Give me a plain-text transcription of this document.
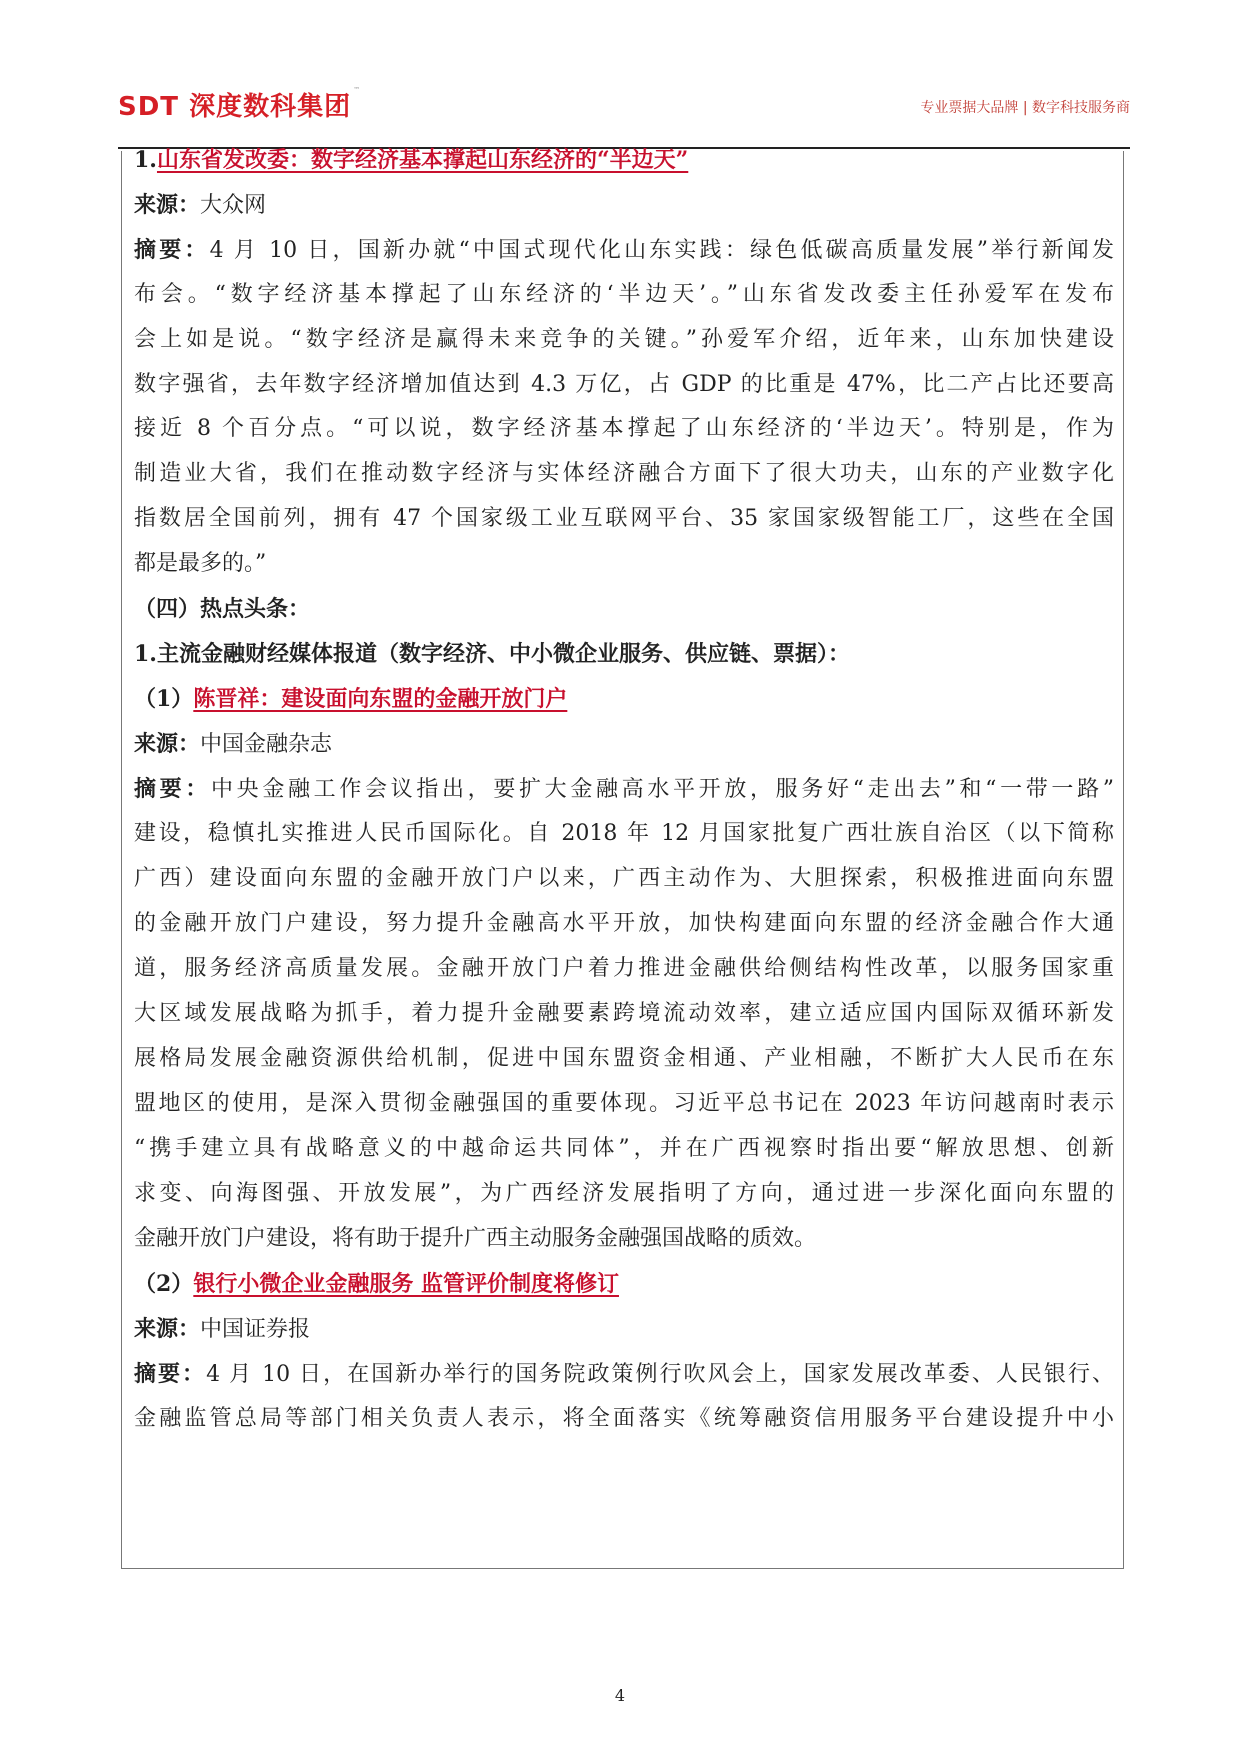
SDT 深度数科集团™
专业票据大品牌 | 数字科技服务商
1.山东省发改委：数字经济基本撑起山东经济的“半边天”
来源：大众网
摘要：4 月 10 日，国新办就“中国式现代化山东实践：绿色低碳高质量发展”举行新闻发
布会。“数字经济基本撑起了山东经济的‘半边天’。”山东省发改委主任孙爱军在发布
会上如是说。“数字经济是赢得未来竞争的关键。”孙爱军介绍，近年来，山东加快建设
数字强省，去年数字经济增加值达到 4.3 万亿，占 GDP 的比重是 47%，比二产占比还要高
接近 8 个百分点。“可以说，数字经济基本撑起了山东经济的‘半边天’。特别是，作为
制造业大省，我们在推动数字经济与实体经济融合方面下了很大功夫，山东的产业数字化
指数居全国前列，拥有 47 个国家级工业互联网平台、35 家国家级智能工厂，这些在全国
都是最多的。”
（四）热点头条：
1.主流金融财经媒体报道（数字经济、中小微企业服务、供应链、票据）：
（1）陈晋祥：建设面向东盟的金融开放门户
来源：中国金融杂志
摘要：中央金融工作会议指出，要扩大金融高水平开放，服务好“走出去”和“一带一路”
建设，稳慎扎实推进人民币国际化。自 2018 年 12 月国家批复广西壮族自治区（以下简称
广西）建设面向东盟的金融开放门户以来，广西主动作为、大胆探索，积极推进面向东盟
的金融开放门户建设，努力提升金融高水平开放，加快构建面向东盟的经济金融合作大通
道，服务经济高质量发展。金融开放门户着力推进金融供给侧结构性改革，以服务国家重
大区域发展战略为抓手，着力提升金融要素跨境流动效率，建立适应国内国际双循环新发
展格局发展金融资源供给机制，促进中国东盟资金相通、产业相融，不断扩大人民币在东
盟地区的使用，是深入贯彻金融强国的重要体现。习近平总书记在 2023 年访问越南时表示
“携手建立具有战略意义的中越命运共同体”，并在广西视察时指出要“解放思想、创新
求变、向海图强、开放发展”，为广西经济发展指明了方向，通过进一步深化面向东盟的
金融开放门户建设，将有助于提升广西主动服务金融强国战略的质效。
（2）银行小微企业金融服务 监管评价制度将修订
来源：中国证券报
摘要：4 月 10 日，在国新办举行的国务院政策例行吹风会上，国家发展改革委、人民银行、
金融监管总局等部门相关负责人表示，将全面落实《统筹融资信用服务平台建设提升中小
4
